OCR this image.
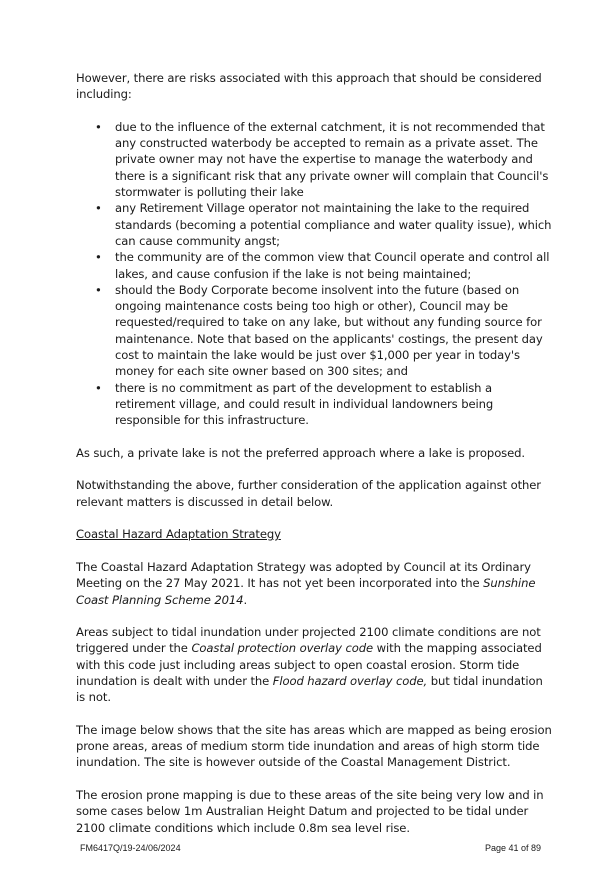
However, there are risks associated with this approach that should be considered including:

• due to the influence of the external catchment, it is not recommended that any constructed waterbody be accepted to remain as a private asset. The private owner may not have the expertise to manage the waterbody and there is a significant risk that any private owner will complain that Council's stormwater is polluting their lake
• any Retirement Village operator not maintaining the lake to the required standards (becoming a potential compliance and water quality issue), which can cause community angst;
• the community are of the common view that Council operate and control all lakes, and cause confusion if the lake is not being maintained;
• should the Body Corporate become insolvent into the future (based on ongoing maintenance costs being too high or other), Council may be requested/required to take on any lake, but without any funding source for maintenance. Note that based on the applicants' costings, the present day cost to maintain the lake would be just over $1,000 per year in today's money for each site owner based on 300 sites; and
• there is no commitment as part of the development to establish a retirement village, and could result in individual landowners being responsible for this infrastructure.

As such, a private lake is not the preferred approach where a lake is proposed.

Notwithstanding the above, further consideration of the application against other relevant matters is discussed in detail below.

Coastal Hazard Adaptation Strategy

The Coastal Hazard Adaptation Strategy was adopted by Council at its Ordinary Meeting on the 27 May 2021. It has not yet been incorporated into the Sunshine Coast Planning Scheme 2014.

Areas subject to tidal inundation under projected 2100 climate conditions are not triggered under the Coastal protection overlay code with the mapping associated with this code just including areas subject to open coastal erosion. Storm tide inundation is dealt with under the Flood hazard overlay code, but tidal inundation is not.

The image below shows that the site has areas which are mapped as being erosion prone areas, areas of medium storm tide inundation and areas of high storm tide inundation. The site is however outside of the Coastal Management District.

The erosion prone mapping is due to these areas of the site being very low and in some cases below 1m Australian Height Datum and projected to be tidal under 2100 climate conditions which include 0.8m sea level rise.

FM6417Q/19-24/06/2024	Page 41 of 89
